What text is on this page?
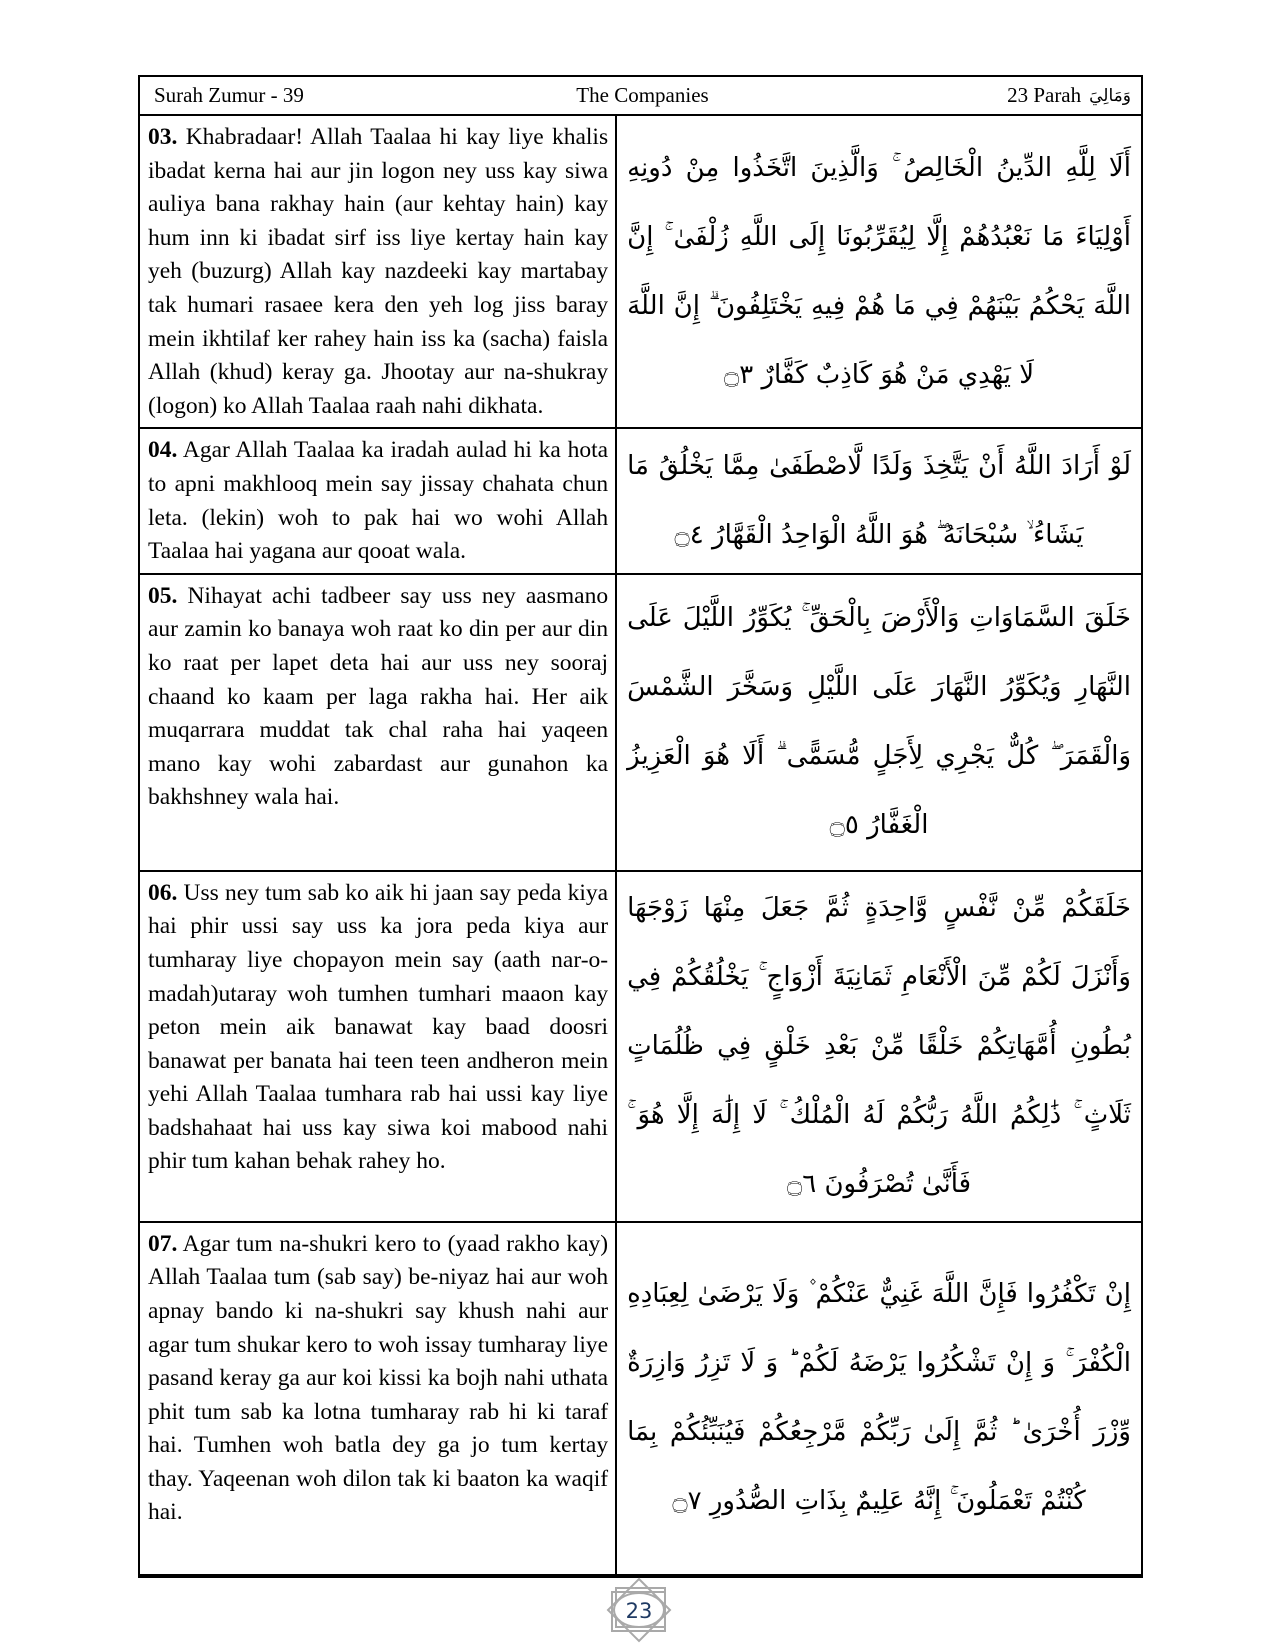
Surah Zumur - 39	The Companies	23 Parah وَمَالِيَ

03. Khabradaar! Allah Taalaa hi kay liye khalis ibadat kerna hai aur jin logon ney uss kay siwa auliya bana rakhay hain (aur kehtay hain) kay hum inn ki ibadat sirf iss liye kertay hain kay yeh (buzurg) Allah kay nazdeeki kay martabay tak humari rasaee kera den yeh log jiss baray mein ikhtilaf ker rahey hain iss ka (sacha) faisla Allah (khud) keray ga. Jhootay aur na-shukray (logon) ko Allah Taalaa raah nahi dikhata.

أَلَا لِلَّهِ الدِّينُ الْخَالِصُ ۚ وَالَّذِينَ اتَّخَذُوا مِنْ دُونِهِ أَوْلِيَاءَ مَا نَعْبُدُهُمْ إِلَّا لِيُقَرِّبُونَا إِلَى اللَّهِ زُلْفَىٰ ۚ إِنَّ اللَّهَ يَحْكُمُ بَيْنَهُمْ فِي مَا هُمْ فِيهِ يَخْتَلِفُونَ ۗ إِنَّ اللَّهَ لَا يَهْدِي مَنْ هُوَ كَاذِبٌ كَفَّارٌ ۝٣

04. Agar Allah Taalaa ka iradah aulad hi ka hota to apni makhlooq mein say jissay chahata chun leta. (lekin) woh to pak hai wo wohi Allah Taalaa hai yagana aur qooat wala.

لَوْ أَرَادَ اللَّهُ أَنْ يَتَّخِذَ وَلَدًا لَّاصْطَفَىٰ مِمَّا يَخْلُقُ مَا يَشَاءُ ۙ سُبْحَانَهُ ۖ هُوَ اللَّهُ الْوَاحِدُ الْقَهَّارُ ۝٤

05. Nihayat achi tadbeer say uss ney aasmano aur zamin ko banaya woh raat ko din per aur din ko raat per lapet deta hai aur uss ney sooraj chaand ko kaam per laga rakha hai. Her aik muqarrara muddat tak chal raha hai yaqeen mano kay wohi zabardast aur gunahon ka bakhshney wala hai.

خَلَقَ السَّمَاوَاتِ وَالْأَرْضَ بِالْحَقِّ ۚ يُكَوِّرُ اللَّيْلَ عَلَى النَّهَارِ وَيُكَوِّرُ النَّهَارَ عَلَى اللَّيْلِ وَسَخَّرَ الشَّمْسَ وَالْقَمَرَ ۖ كُلٌّ يَجْرِي لِأَجَلٍ مُّسَمًّى ۗ أَلَا هُوَ الْعَزِيزُ الْغَفَّارُ ۝٥

06. Uss ney tum sab ko aik hi jaan say peda kiya hai phir ussi say uss ka jora peda kiya aur tumharay liye chopayon mein say (aath nar-o-madah)utaray woh tumhen tumhari maaon kay peton mein aik banawat kay baad doosri banawat per banata hai teen teen andheron mein yehi Allah Taalaa tumhara rab hai ussi kay liye badshahaat hai uss kay siwa koi mabood nahi phir tum kahan behak rahey ho.

خَلَقَكُمْ مِّنْ نَّفْسٍ وَّاحِدَةٍ ثُمَّ جَعَلَ مِنْهَا زَوْجَهَا وَأَنْزَلَ لَكُمْ مِّنَ الْأَنْعَامِ ثَمَانِيَةَ أَزْوَاجٍ ۚ يَخْلُقُكُمْ فِي بُطُونِ أُمَّهَاتِكُمْ خَلْقًا مِّنْ بَعْدِ خَلْقٍ فِي ظُلُمَاتٍ ثَلَاثٍ ۚ ذَٰلِكُمُ اللَّهُ رَبُّكُمْ لَهُ الْمُلْكُ ۚ لَا إِلَٰهَ إِلَّا هُوَ ۚ فَأَنَّىٰ تُصْرَفُونَ ۝٦

07. Agar tum na-shukri kero to (yaad rakho kay) Allah Taalaa tum (sab say) be-niyaz hai aur woh apnay bando ki na-shukri say khush nahi aur agar tum shukar kero to woh issay tumharay liye pasand keray ga aur koi kissi ka bojh nahi uthata phit tum sab ka lotna tumharay rab hi ki taraf hai. Tumhen woh batla dey ga jo tum kertay thay. Yaqeenan woh dilon tak ki baaton ka waqif hai.

إِنْ تَكْفُرُوا فَإِنَّ اللَّهَ غَنِيٌّ عَنْكُمْ ۫ وَلَا يَرْضَىٰ لِعِبَادِهِ الْكُفْرَ ۚ وَ إِنْ تَشْكُرُوا يَرْضَهُ لَكُمْ ؕ وَ لَا تَزِرُ وَازِرَةٌ وِّزْرَ أُخْرَىٰ ؕ ثُمَّ إِلَىٰ رَبِّكُمْ مَّرْجِعُكُمْ فَيُنَبِّئُكُمْ بِمَا كُنْتُمْ تَعْمَلُونَ ۚ إِنَّهُ عَلِيمٌ بِذَاتِ الصُّدُورِ ۝٧
23
